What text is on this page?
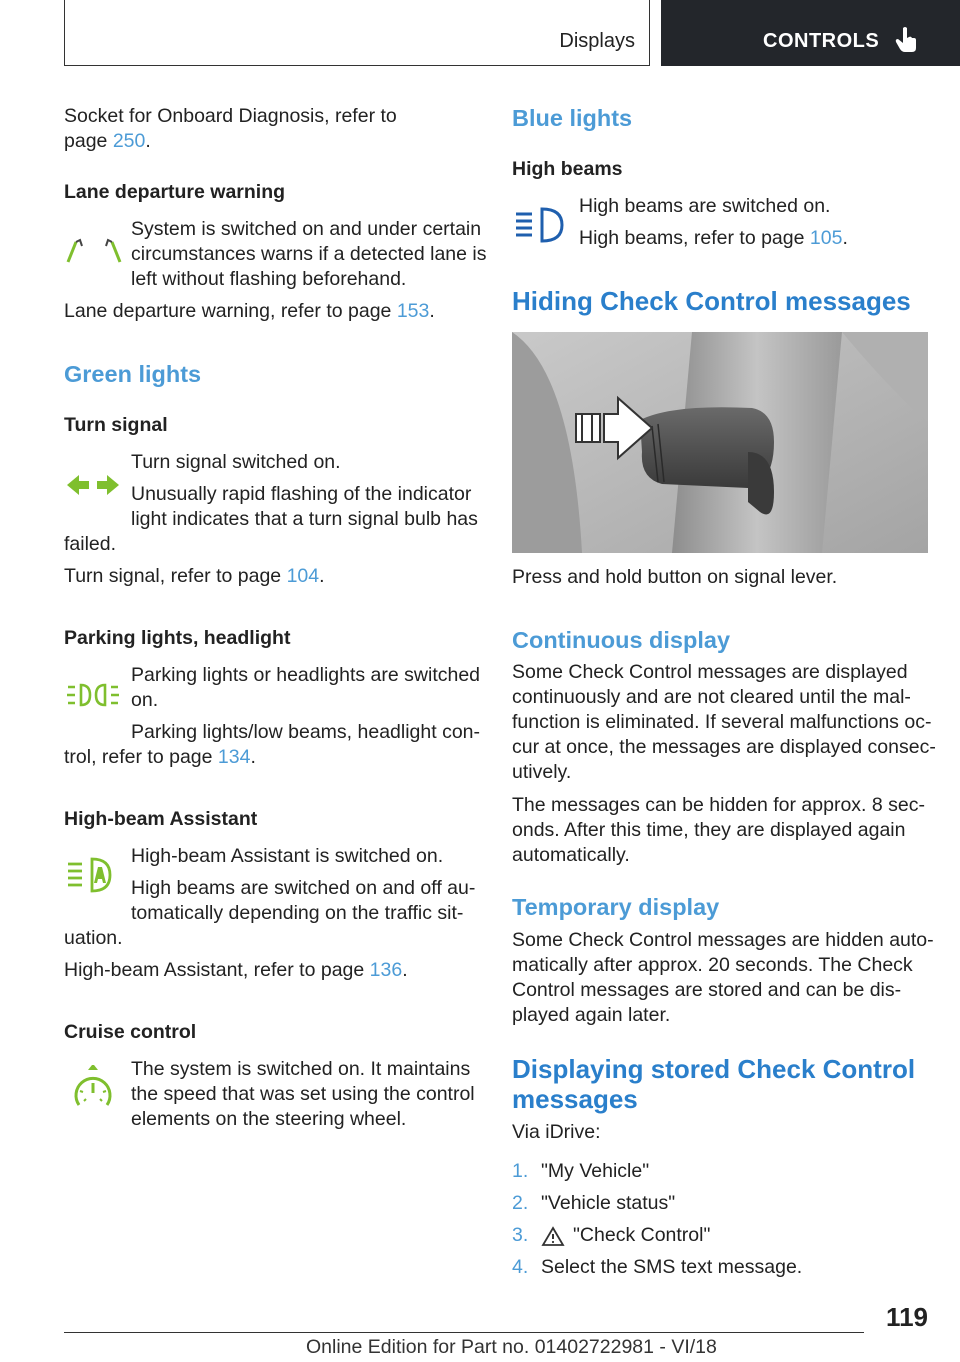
Displays	CONTROLS
Socket for Onboard Diagnosis, refer to
page 250.
Lane departure warning
System is switched on and under certain
circumstances warns if a detected lane is
left without flashing beforehand.
Lane departure warning, refer to page 153.
Green lights
Turn signal
Turn signal switched on.
Unusually rapid flashing of the indicator
light indicates that a turn signal bulb has
failed.
Turn signal, refer to page 104.
Parking lights, headlight
Parking lights or headlights are switched
on.
Parking lights/low beams, headlight con‐
trol, refer to page 134.
High-beam Assistant
High-beam Assistant is switched on.
High beams are switched on and off au‐
tomatically depending on the traffic sit‐
uation.
High-beam Assistant, refer to page 136.
Cruise control
The system is switched on. It maintains
the speed that was set using the control
elements on the steering wheel.
Blue lights
High beams
High beams are switched on.
High beams, refer to page 105.
Hiding Check Control messages
Press and hold button on signal lever.
Continuous display
Some Check Control messages are displayed
continuously and are not cleared until the mal‐
function is eliminated. If several malfunctions oc‐
cur at once, the messages are displayed consec‐
utively.
The messages can be hidden for approx. 8 sec‐
onds. After this time, they are displayed again
automatically.
Temporary display
Some Check Control messages are hidden auto‐
matically after approx. 20 seconds. The Check
Control messages are stored and can be dis‐
played again later.
Displaying stored Check Control
messages
Via iDrive:
1. "My Vehicle"
2. "Vehicle status"
3. "Check Control"
4. Select the SMS text message.
119
Online Edition for Part no. 01402722981 - VI/18
